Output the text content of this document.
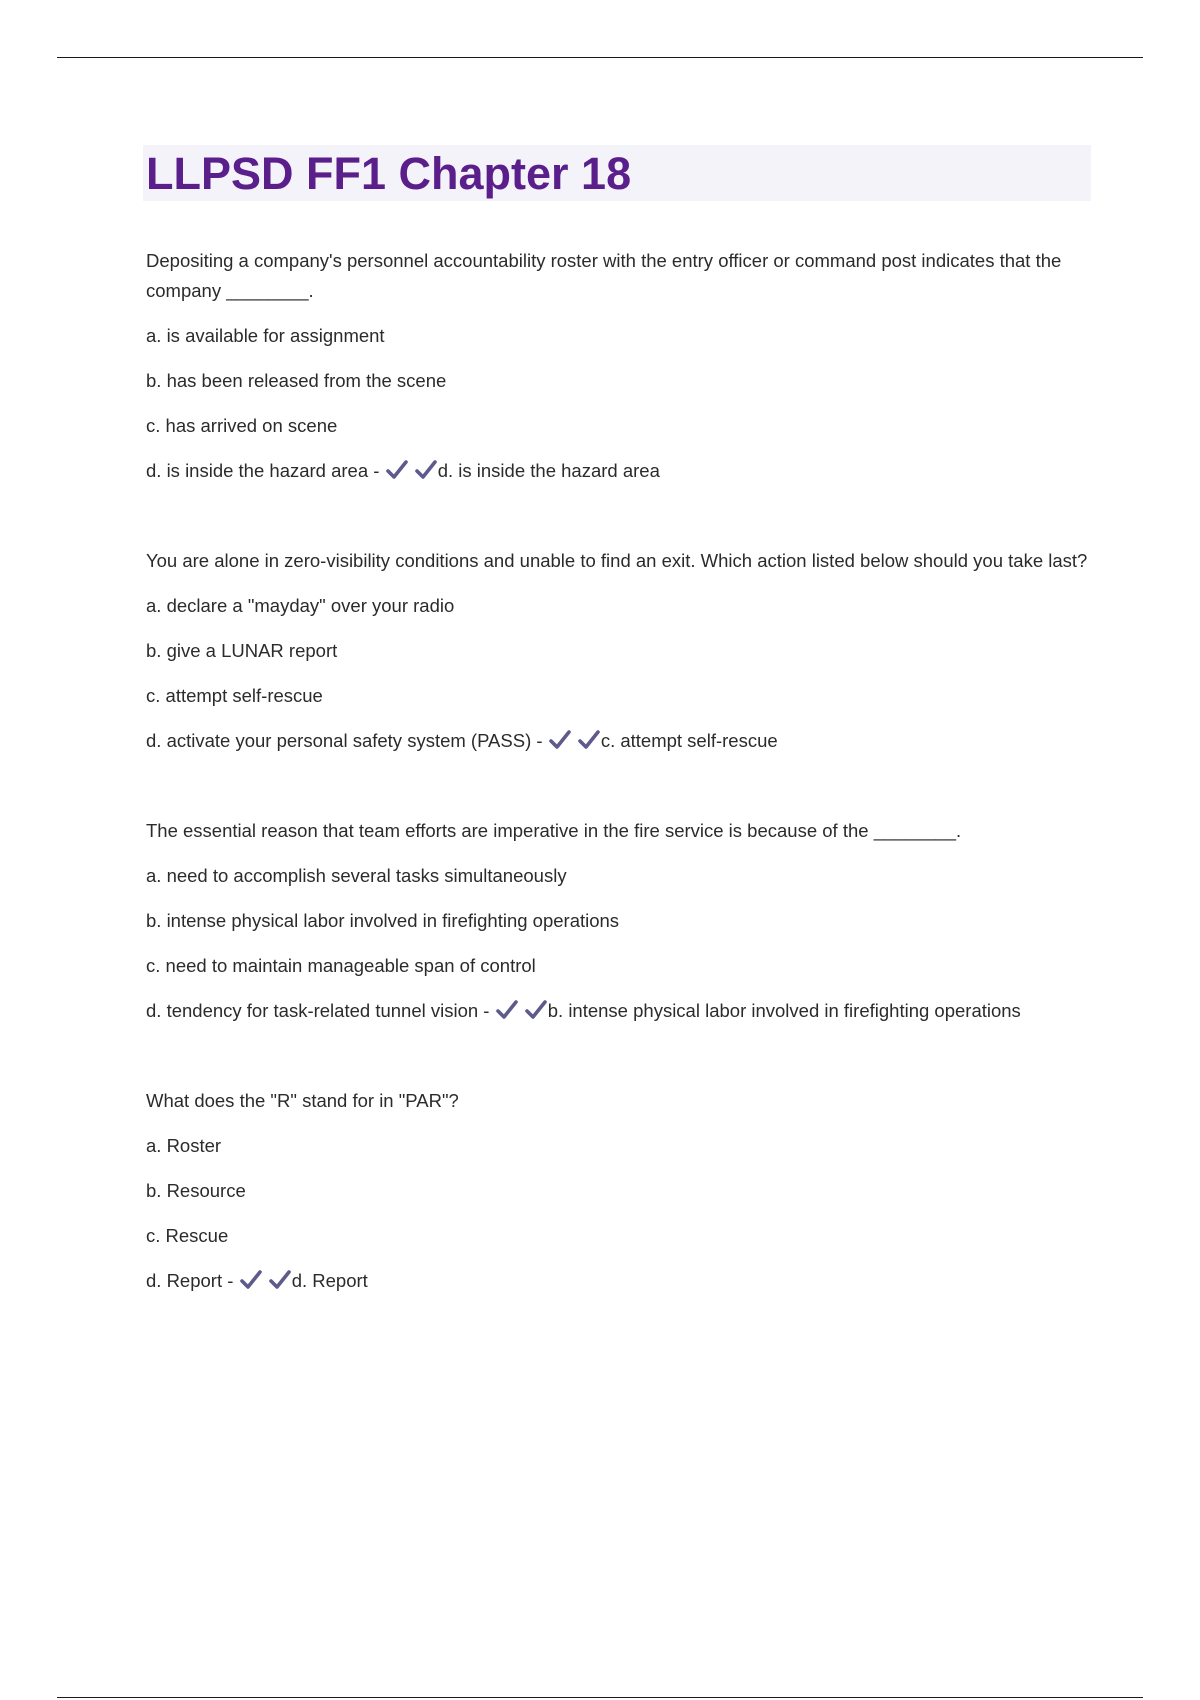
LLPSD FF1 Chapter 18

Depositing a company's personnel accountability roster with the entry officer or command post indicates that the company ________.

a. is available for assignment

b. has been released from the scene

c. has arrived on scene

d. is inside the hazard area -
	d. is inside the hazard area

You are alone in zero-visibility conditions and unable to find an exit. Which action listed below should you take last?

a. declare a "mayday" over your radio

b. give a LUNAR report

c. attempt self-rescue

d. activate your personal safety system (PASS) -
	c. attempt self-rescue

The essential reason that team efforts are imperative in the fire service is because of the ________.

a. need to accomplish several tasks simultaneously

b. intense physical labor involved in firefighting operations

c. need to maintain manageable span of control

d. tendency for task-related tunnel vision -
	b. intense physical labor involved in firefighting operations

What does the "R" stand for in "PAR"?

a. Roster

b. Resource

c. Rescue

d. Report -
	d. Report
